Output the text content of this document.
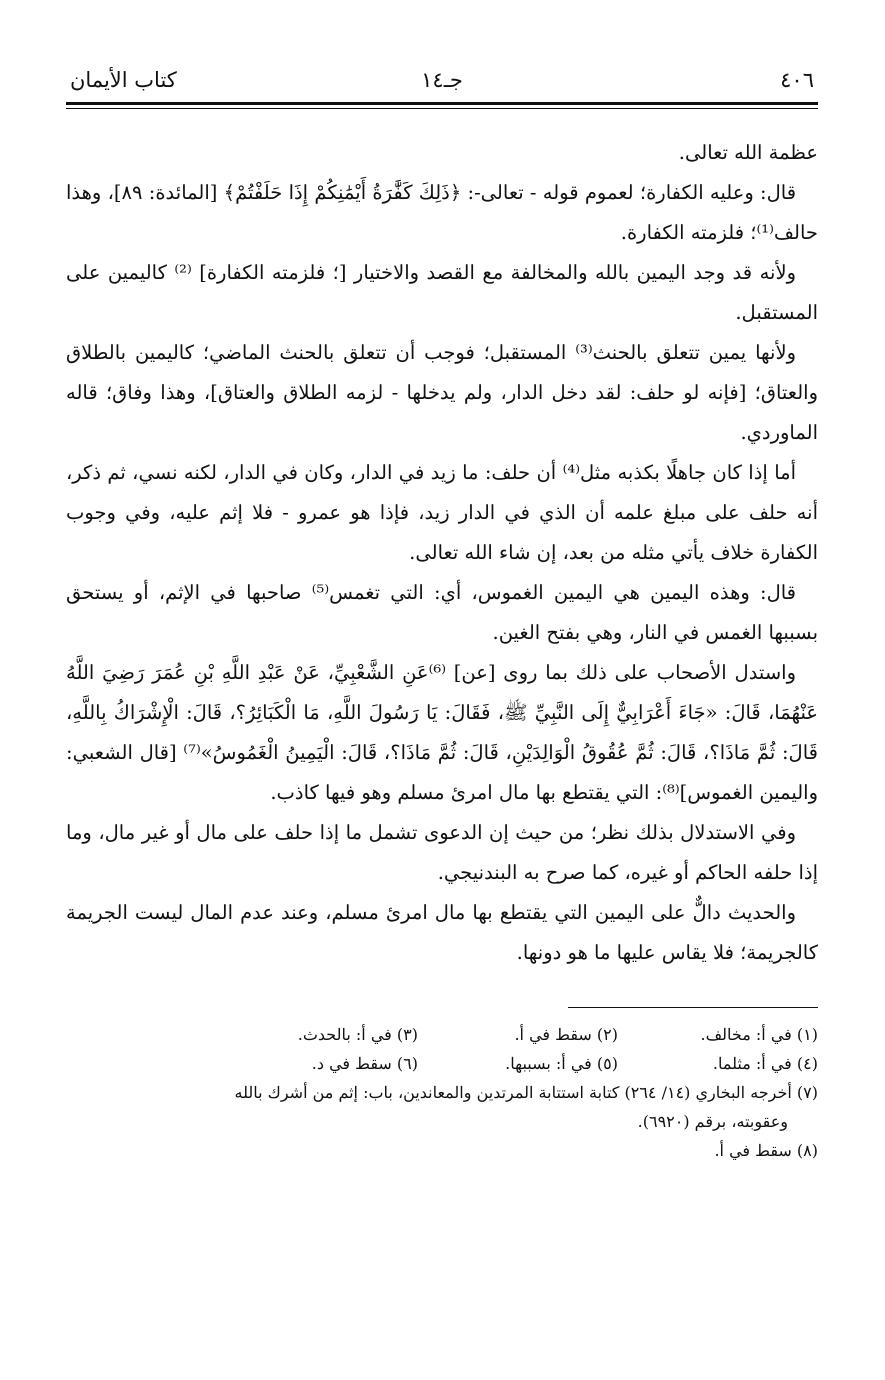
٤٠٦
جـ١٤
كتاب الأيمان

عظمة الله تعالى.

قال: وعليه الكفارة؛ لعموم قوله - تعالى-: ﴿ذَلِكَ كَفَّٰرَةُ أَيْمَٰنِكُمْ إِذَا حَلَفْتُمْ﴾ [المائدة: ٨٩]، وهذا حالف⁽¹⁾؛ فلزمته الكفارة.

ولأنه قد وجد اليمين بالله والمخالفة مع القصد والاختيار [؛ فلزمته الكفارة] ⁽²⁾ كاليمين على المستقبل.

ولأنها يمين تتعلق بالحنث⁽³⁾ المستقبل؛ فوجب أن تتعلق بالحنث الماضي؛ كاليمين بالطلاق والعتاق؛ [فإنه لو حلف: لقد دخل الدار، ولم يدخلها - لزمه الطلاق والعتاق]، وهذا وفاق؛ قاله الماوردي.

أما إذا كان جاهلًا بكذبه مثل⁽⁴⁾ أن حلف: ما زيد في الدار، وكان في الدار، لكنه نسي، ثم ذكر، أنه حلف على مبلغ علمه أن الذي في الدار زيد، فإذا هو عمرو - فلا إثم عليه، وفي وجوب الكفارة خلاف يأتي مثله من بعد، إن شاء الله تعالى.

قال: وهذه اليمين هي اليمين الغموس، أي: التي تغمس⁽⁵⁾ صاحبها في الإثم، أو يستحق بسببها الغمس في النار، وهي بفتح الغين.

واستدل الأصحاب على ذلك بما روى [عن] ⁽⁶⁾عَنِ الشَّعْبِيِّ، عَنْ عَبْدِ اللَّهِ بْنِ عُمَرَ رَضِيَ اللَّهُ عَنْهُمَا، قَالَ: «جَاءَ أَعْرَابِيٌّ إِلَى النَّبِيِّ ﷺ، فَقَالَ: يَا رَسُولَ اللَّهِ، مَا الْكَبَائِرُ؟، قَالَ: الْإِشْرَاكُ بِاللَّهِ، قَالَ: ثُمَّ مَاذَا؟، قَالَ: ثُمَّ عُقُوقُ الْوَالِدَيْنِ، قَالَ: ثُمَّ مَاذَا؟، قَالَ: الْيَمِينُ الْغَمُوسُ»⁽⁷⁾ [قال الشعبي: واليمين الغموس]⁽⁸⁾: التي يقتطع بها مال امرئ مسلم وهو فيها كاذب.

وفي الاستدلال بذلك نظر؛ من حيث إن الدعوى تشمل ما إذا حلف على مال أو غير مال، وما إذا حلفه الحاكم أو غيره، كما صرح به البندنيجي.

والحديث دالٌّ على اليمين التي يقتطع بها مال امرئ مسلم، وعند عدم المال ليست الجريمة كالجريمة؛ فلا يقاس عليها ما هو دونها.

(١) في أ: مخالف.
(٢) سقط في أ.
(٣) في أ: بالحدث.
(٤) في أ: مثلما.
(٥) في أ: بسببها.
(٦) سقط في د.
(٧) أخرجه البخاري (١٤/ ٢٦٤) كتابة استتابة المرتدين والمعاندين، باب: إثم من أشرك بالله
وعقوبته، برقم (٦٩٢٠).
(٨) سقط في أ.
